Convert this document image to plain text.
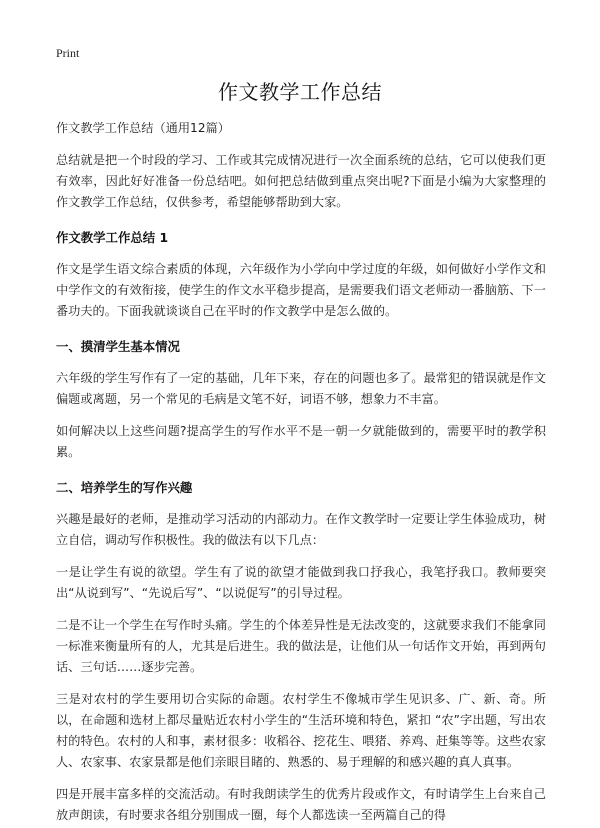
Print
作文教学工作总结

作文教学工作总结（通用12篇）

总结就是把一个时段的学习、工作或其完成情况进行一次全面系统的总结，它可以使我们更有效率，因此好好准备一份总结吧。如何把总结做到重点突出呢?下面是小编为大家整理的作文教学工作总结，仅供参考，希望能够帮助到大家。

作文教学工作总结 1

作文是学生语文综合素质的体现，六年级作为小学向中学过度的年级，如何做好小学作文和中学作文的有效衔接，使学生的作文水平稳步提高，是需要我们语文老师动一番脑筋、下一番功夫的。下面我就谈谈自己在平时的作文教学中是怎么做的。

一、摸清学生基本情况

六年级的学生写作有了一定的基础，几年下来，存在的问题也多了。最常犯的错误就是作文偏题或离题，另一个常见的毛病是文笔不好，词语不够，想象力不丰富。

如何解决以上这些问题?提高学生的写作水平不是一朝一夕就能做到的，需要平时的教学积累。

二、培养学生的写作兴趣

兴趣是最好的老师，是推动学习活动的内部动力。在作文教学时一定要让学生体验成功，树立自信，调动写作积极性。我的做法有以下几点：

一是让学生有说的欲望。学生有了说的欲望才能做到我口抒我心，我笔抒我口。教师要突出“从说到写”、“先说后写”、“以说促写”的引导过程。

二是不让一个学生在写作时头痛。学生的个体差异性是无法改变的，这就要求我们不能拿同一标准来衡量所有的人，尤其是后进生。我的做法是，让他们从一句话作文开始，再到两句话、三句话……逐步完善。

三是对农村的学生要用切合实际的命题。农村学生不像城市学生见识多、广、新、奇。所以，在命题和选材上都尽量贴近农村小学生的“生活环境和特色，紧扣 “农”字出题，写出农村的特色。农村的人和事，素材很多：收稻谷、挖花生、喂猪、养鸡、赶集等等。这些农家人、农家事、农家景都是他们亲眼目睹的、熟悉的、易于理解的和感兴趣的真人真事。

四是开展丰富多样的交流活动。有时我朗读学生的优秀片段或作文，有时请学生上台来自己放声朗读，有时要求各组分别围成一圈，每个人都选读一至两篇自己的得
